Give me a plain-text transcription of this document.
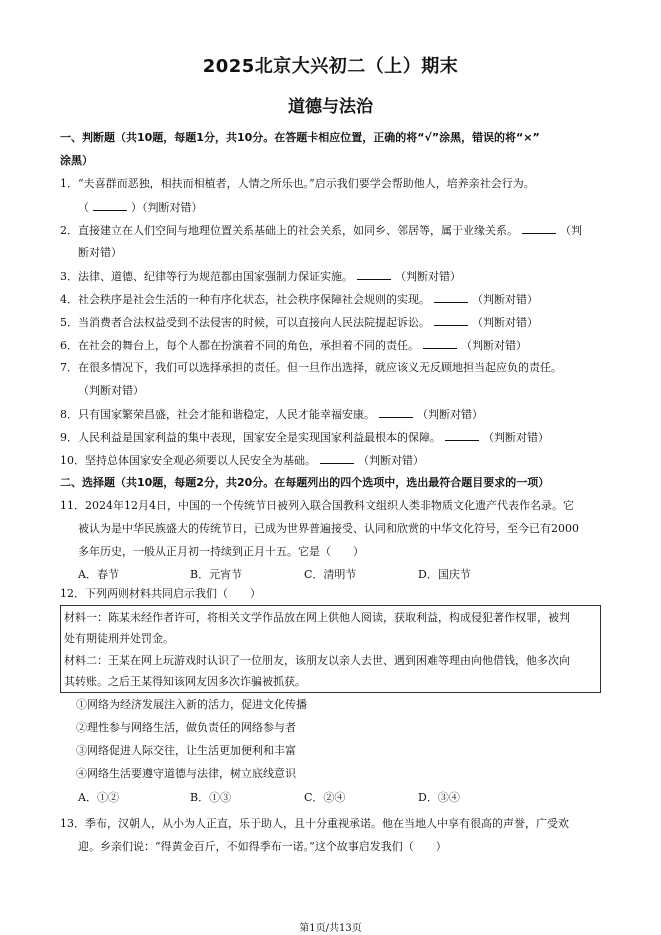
2025北京大兴初二（上）期末
道德与法治
一、判断题（共10题，每题1分，共10分。在答题卡相应位置，正确的将“√”涂黑，错误的将“×”
涂黑）
1．“夫喜群而恶独，相扶而相植者，人情之所乐也。”启示我们要学会帮助他人，培养亲社会行为。
（	）（判断对错）
2．直接建立在人们空间与地理位置关系基础上的社会关系，如同乡、邻居等，属于业缘关系。	（判
断对错）
3．法律、道德、纪律等行为规范都由国家强制力保证实施。	（判断对错）
4．社会秩序是社会生活的一种有序化状态，社会秩序保障社会规则的实现。	（判断对错）
5．当消费者合法权益受到不法侵害的时候，可以直接向人民法院提起诉讼。	（判断对错）
6．在社会的舞台上，每个人都在扮演着不同的角色，承担着不同的责任。	（判断对错）
7．在很多情况下，我们可以选择承担的责任。但一旦作出选择，就应该义无反顾地担当起应负的责任。
（判断对错）
8．只有国家繁荣昌盛，社会才能和谐稳定，人民才能幸福安康。	（判断对错）
9．人民利益是国家利益的集中表现，国家安全是实现国家利益最根本的保障。	（判断对错）
10．坚持总体国家安全观必须要以人民安全为基础。	（判断对错）
二、选择题（共10题，每题2分，共20分。在每题列出的四个选项中，选出最符合题目要求的一项）
11．2024年12月4日，中国的一个传统节日被列入联合国教科文组织人类非物质文化遗产代表作名录。它
被认为是中华民族盛大的传统节日，已成为世界普遍接受、认同和欣赏的中华文化符号，至今已有2000
多年历史，一般从正月初一持续到正月十五。它是（　　）
A．春节	B．元宵节	C．清明节	D．国庆节
12．下列两则材料共同启示我们（　　）
材料一：陈某未经作者许可，将相关文学作品放在网上供他人阅读，获取利益，构成侵犯著作权罪，被判
处有期徒刑并处罚金。
材料二：王某在网上玩游戏时认识了一位朋友，该朋友以亲人去世、遇到困难等理由向他借钱，他多次向
其转账。之后王某得知该网友因多次诈骗被抓获。
①网络为经济发展注入新的活力，促进文化传播
②理性参与网络生活，做负责任的网络参与者
③网络促进人际交往，让生活更加便利和丰富
④网络生活要遵守道德与法律，树立底线意识
A．①②	B．①③	C．②④	D．③④
13．季布，汉朝人，从小为人正直，乐于助人，且十分重视承诺。他在当地人中享有很高的声誉，广受欢
迎。乡亲们说：“得黄金百斤，不如得季布一诺。”这个故事启发我们（　　）
第1页/共13页
